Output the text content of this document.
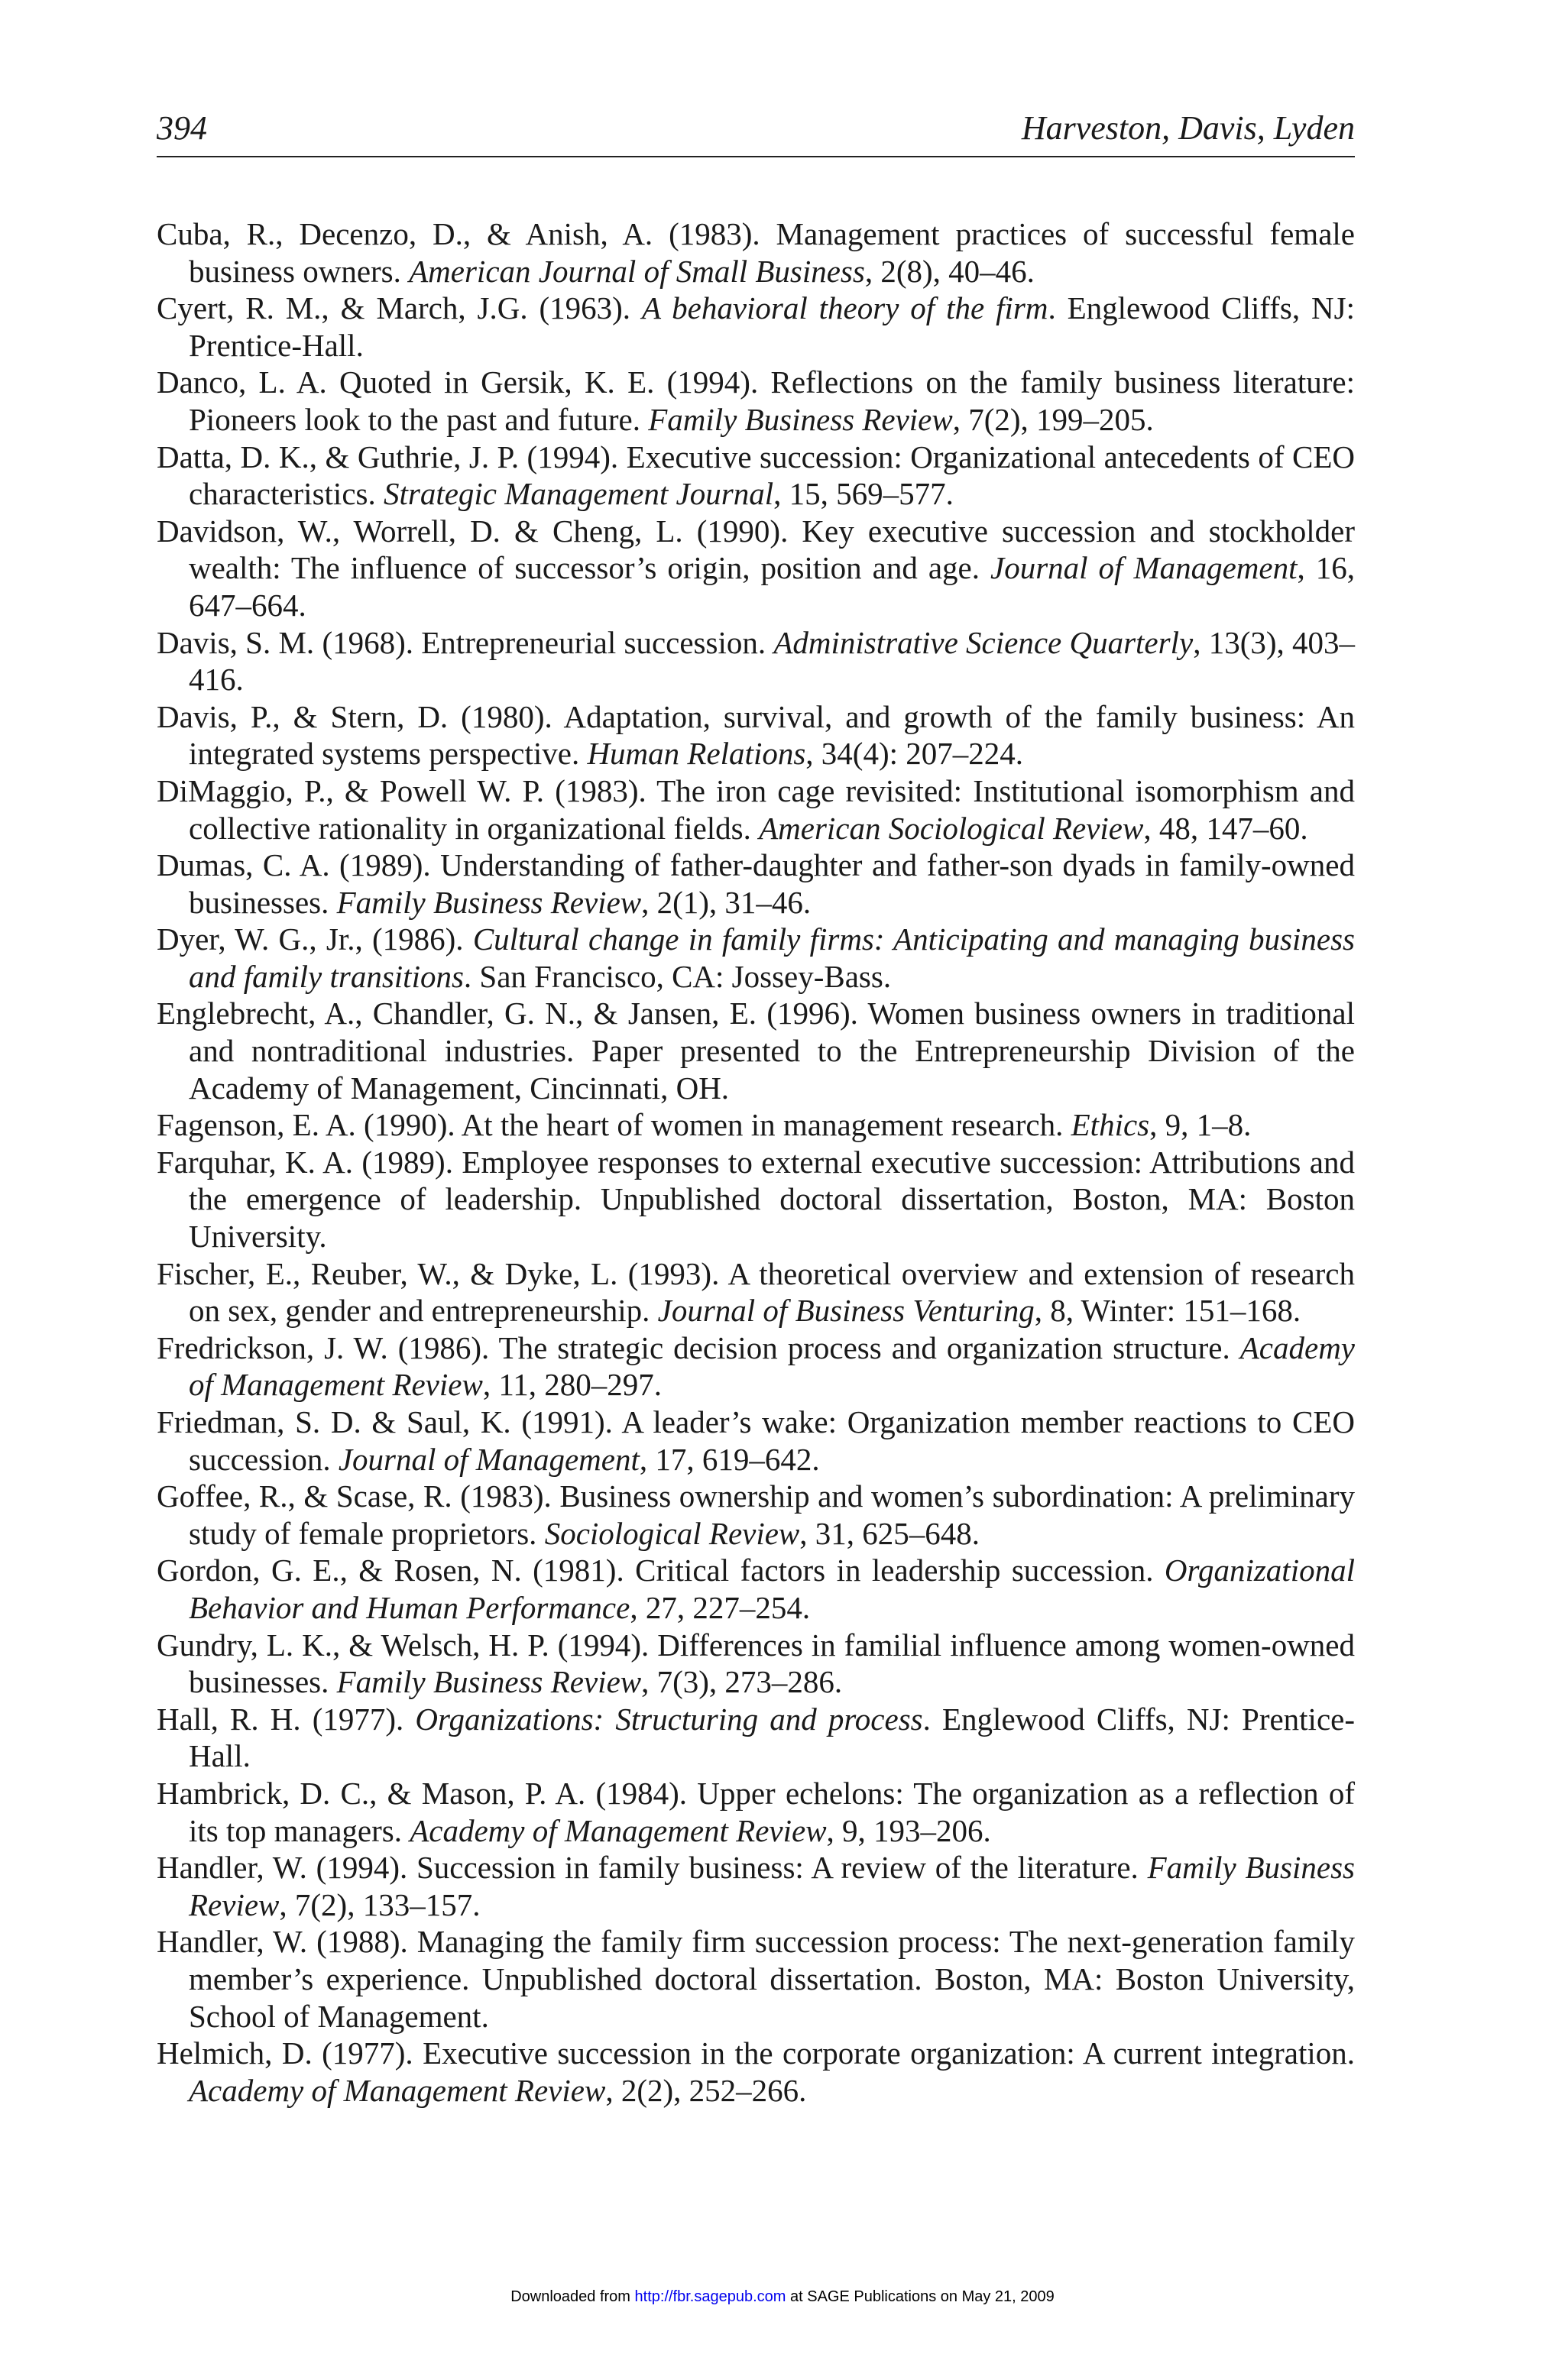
394	Harveston, Davis, Lyden
Cuba, R., Decenzo, D., & Anish, A. (1983). Management practices of successful female business owners. American Journal of Small Business, 2(8), 40–46.
Cyert, R. M., & March, J.G. (1963). A behavioral theory of the firm. Englewood Cliffs, NJ: Prentice-Hall.
Danco, L. A. Quoted in Gersik, K. E. (1994). Reflections on the family business literature: Pioneers look to the past and future. Family Business Review, 7(2), 199–205.
Datta, D. K., & Guthrie, J. P. (1994). Executive succession: Organizational antecedents of CEO characteristics. Strategic Management Journal, 15, 569–577.
Davidson, W., Worrell, D. & Cheng, L. (1990). Key executive succession and stockholder wealth: The influence of successor’s origin, position and age. Journal of Management, 16, 647–664.
Davis, S. M. (1968). Entrepreneurial succession. Administrative Science Quarterly, 13(3), 403–416.
Davis, P., & Stern, D. (1980). Adaptation, survival, and growth of the family business: An integrated systems perspective. Human Relations, 34(4): 207–224.
DiMaggio, P., & Powell W. P. (1983). The iron cage revisited: Institutional isomorphism and collective rationality in organizational fields. American Sociological Review, 48, 147–60.
Dumas, C. A. (1989). Understanding of father-daughter and father-son dyads in family-owned businesses. Family Business Review, 2(1), 31–46.
Dyer, W. G., Jr., (1986). Cultural change in family firms: Anticipating and managing business and family transitions. San Francisco, CA: Jossey-Bass.
Englebrecht, A., Chandler, G. N., & Jansen, E. (1996). Women business owners in traditional and nontraditional industries. Paper presented to the Entrepreneurship Division of the Academy of Management, Cincinnati, OH.
Fagenson, E. A. (1990). At the heart of women in management research. Ethics, 9, 1–8.
Farquhar, K. A. (1989). Employee responses to external executive succession: Attributions and the emergence of leadership. Unpublished doctoral dissertation, Boston, MA: Boston University.
Fischer, E., Reuber, W., & Dyke, L. (1993). A theoretical overview and extension of research on sex, gender and entrepreneurship. Journal of Business Venturing, 8, Winter: 151–168.
Fredrickson, J. W. (1986). The strategic decision process and organization structure. Academy of Management Review, 11, 280–297.
Friedman, S. D. & Saul, K. (1991). A leader’s wake: Organization member reactions to CEO succession. Journal of Management, 17, 619–642.
Goffee, R., & Scase, R. (1983). Business ownership and women’s subordination: A preliminary study of female proprietors. Sociological Review, 31, 625–648.
Gordon, G. E., & Rosen, N. (1981). Critical factors in leadership succession. Organizational Behavior and Human Performance, 27, 227–254.
Gundry, L. K., & Welsch, H. P. (1994). Differences in familial influence among women-owned businesses. Family Business Review, 7(3), 273–286.
Hall, R. H. (1977). Organizations: Structuring and process. Englewood Cliffs, NJ: Prentice-Hall.
Hambrick, D. C., & Mason, P. A. (1984). Upper echelons: The organization as a reflection of its top managers. Academy of Management Review, 9, 193–206.
Handler, W. (1994). Succession in family business: A review of the literature. Family Business Review, 7(2), 133–157.
Handler, W. (1988). Managing the family firm succession process: The next-generation family member’s experience. Unpublished doctoral dissertation. Boston, MA: Boston University, School of Management.
Helmich, D. (1977). Executive succession in the corporate organization: A current integration. Academy of Management Review, 2(2), 252–266.
Downloaded from http://fbr.sagepub.com at SAGE Publications on May 21, 2009
